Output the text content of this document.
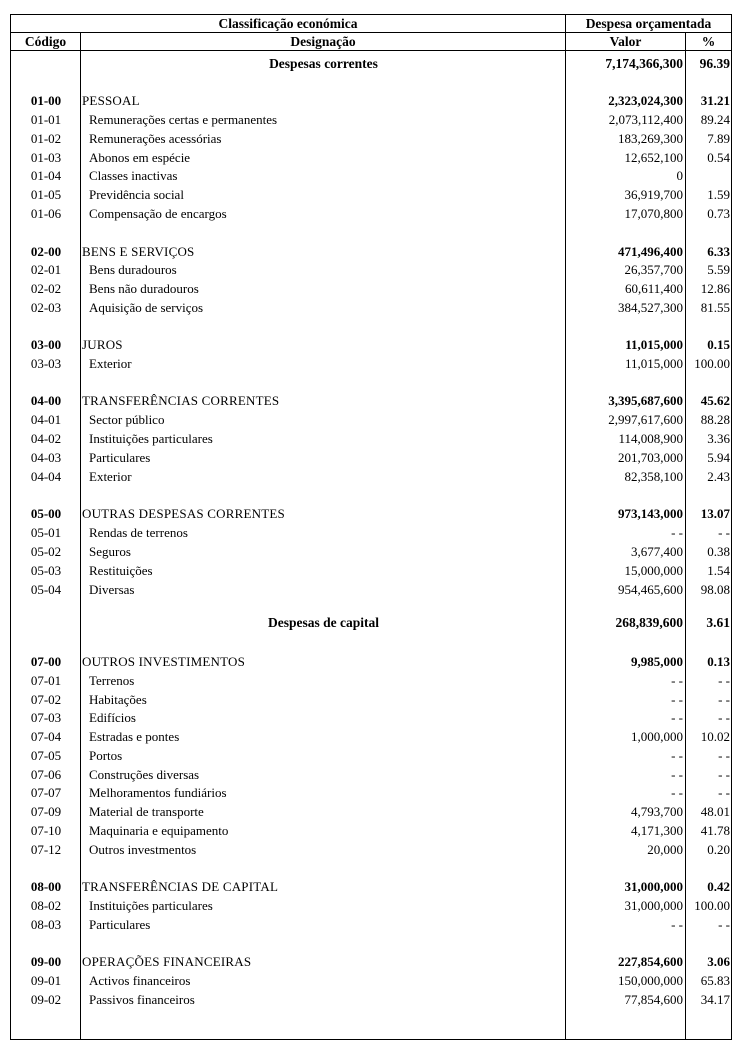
Classificação económica	Despesa orçamentada
Código	Designação	Valor	%
Despesas correntes	7,174,366,300	96.39
01-00	PESSOAL	2,323,024,300	31.21
01-01	Remunerações certas e permanentes	2,073,112,400	89.24
01-02	Remunerações acessórias	183,269,300	7.89
01-03	Abonos em espécie	12,652,100	0.54
01-04	Classes inactivas	0
01-05	Previdência social	36,919,700	1.59
01-06	Compensação de encargos	17,070,800	0.73
02-00	BENS E SERVIÇOS	471,496,400	6.33
02-01	Bens duradouros	26,357,700	5.59
02-02	Bens não duradouros	60,611,400	12.86
02-03	Aquisição de serviços	384,527,300	81.55
03-00	JUROS	11,015,000	0.15
03-03	Exterior	11,015,000 100.00
04-00	TRANSFERÊNCIAS CORRENTES	3,395,687,600	45.62
04-01	Sector público	2,997,617,600	88.28
04-02	Instituições particulares	114,008,900	3.36
04-03	Particulares	201,703,000	5.94
04-04	Exterior	82,358,100	2.43
05-00	OUTRAS DESPESAS CORRENTES	973,143,000	13.07
05-01	Rendas de terrenos	- -	- -
05-02	Seguros	3,677,400	0.38
05-03	Restituições	15,000,000	1.54
05-04	Diversas	954,465,600	98.08
Despesas de capital	268,839,600	3.61
07-00	OUTROS INVESTIMENTOS	9,985,000	0.13
07-01	Terrenos	- -	- -
07-02	Habitações	- -	- -
07-03	Edifícios	- -	- -
07-04	Estradas e pontes	1,000,000	10.02
07-05	Portos	- -	- -
07-06	Construções diversas	- -	- -
07-07	Melhoramentos fundiários	- -	- -
07-09	Material de transporte	4,793,700	48.01
07-10	Maquinaria e equipamento	4,171,300	41.78
07-12	Outros investmentos	20,000	0.20
08-00	TRANSFERÊNCIAS DE CAPITAL	31,000,000	0.42
08-02	Instituições particulares	31,000,000 100.00
08-03	Particulares	- -	- -
09-00	OPERAÇÕES FINANCEIRAS	227,854,600	3.06
09-01	Activos financeiros	150,000,000	65.83
09-02	Passivos financeiros	77,854,600	34.17
